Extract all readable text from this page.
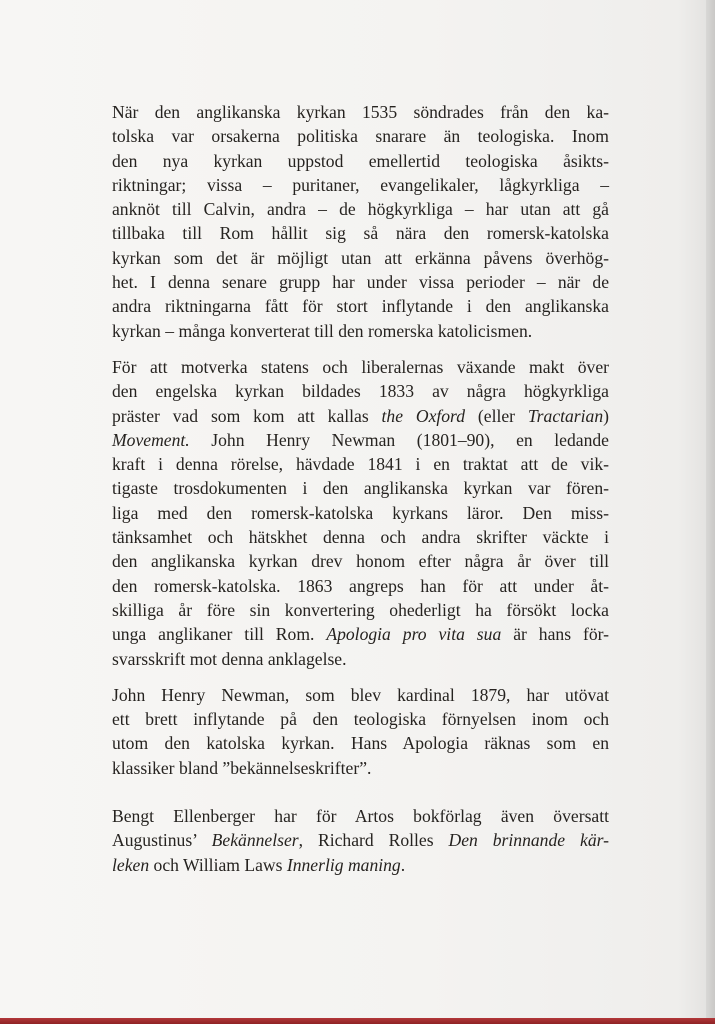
När den anglikanska kyrkan 1535 söndrades från den ka-
tolska var orsakerna politiska snarare än teologiska. Inom
den nya kyrkan uppstod emellertid teologiska åsikts-
riktningar; vissa – puritaner, evangelikaler, lågkyrkliga –
anknöt till Calvin, andra – de högkyrkliga – har utan att gå
tillbaka till Rom hållit sig så nära den romersk-katolska
kyrkan som det är möjligt utan att erkänna påvens överhög-
het. I denna senare grupp har under vissa perioder – när de
andra riktningarna fått för stort inflytande i den anglikanska
kyrkan – många konverterat till den romerska katolicismen.
För att motverka statens och liberalernas växande makt över
den engelska kyrkan bildades 1833 av några högkyrkliga
präster vad som kom att kallas the Oxford (eller Tractarian)
Movement. John Henry Newman (1801–90), en ledande
kraft i denna rörelse, hävdade 1841 i en traktat att de vik-
tigaste trosdokumenten i den anglikanska kyrkan var fören-
liga med den romersk-katolska kyrkans läror. Den miss-
tänksamhet och hätskhet denna och andra skrifter väckte i
den anglikanska kyrkan drev honom efter några år över till
den romersk-katolska. 1863 angreps han för att under åt-
skilliga år före sin konvertering ohederligt ha försökt locka
unga anglikaner till Rom. Apologia pro vita sua är hans för-
svarsskrift mot denna anklagelse.
John Henry Newman, som blev kardinal 1879, har utövat
ett brett inflytande på den teologiska förnyelsen inom och
utom den katolska kyrkan. Hans Apologia räknas som en
klassiker bland ”bekännelseskrifter”.
Bengt Ellenberger har för Artos bokförlag även översatt
Augustinus’ Bekännelser, Richard Rolles Den brinnande kär-
leken och William Laws Innerlig maning.
